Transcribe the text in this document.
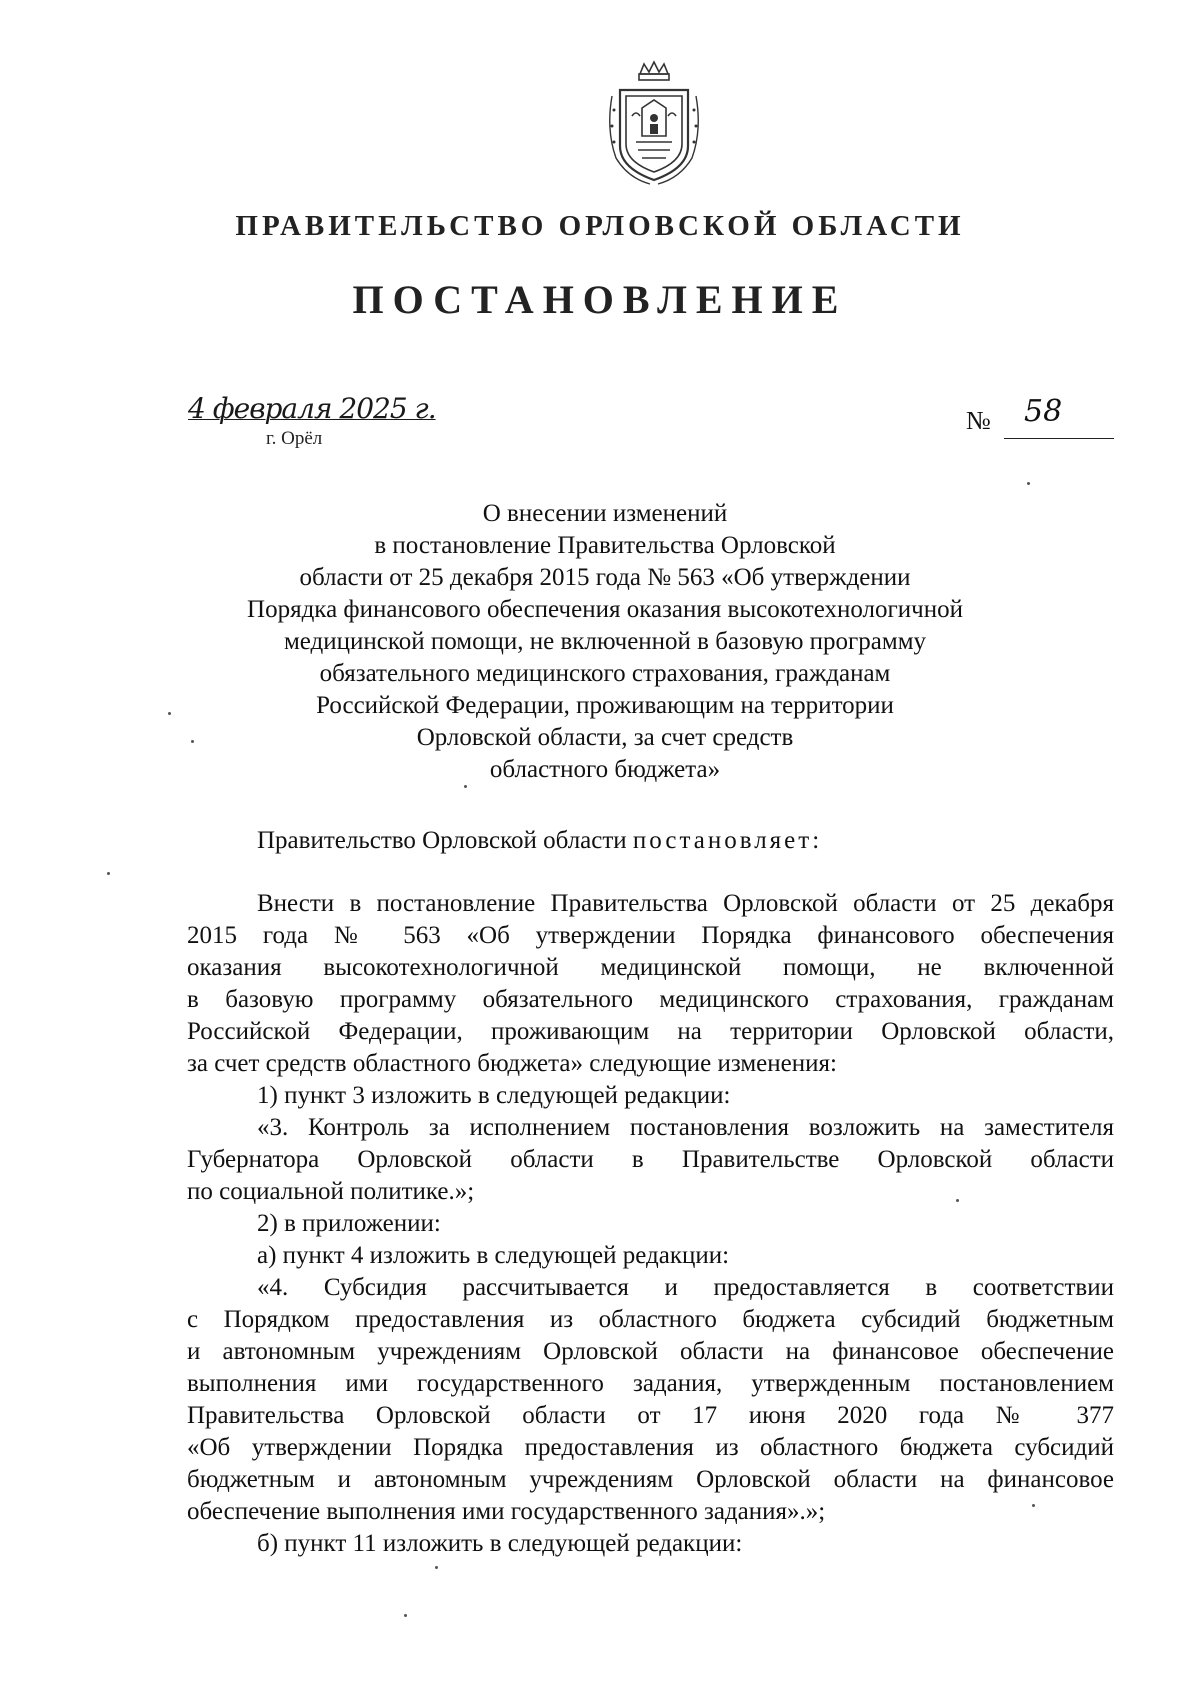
ПРАВИТЕЛЬСТВО ОРЛОВСКОЙ ОБЛАСТИ
ПОСТАНОВЛЕНИЕ
4 февраля 2025 г.
г. Орёл
№ 58
О внесении изменений
в постановление Правительства Орловской
области от 25 декабря 2015 года № 563 «Об утверждении
Порядка финансового обеспечения оказания высокотехнологичной
медицинской помощи, не включенной в базовую программу
обязательного медицинского страхования, гражданам
Российской Федерации, проживающим на территории
Орловской области, за счет средств
областного бюджета»
Правительство Орловской области постановляет:
Внести в постановление Правительства Орловской области от 25 декабря
2015 года № 563 «Об утверждении Порядка финансового обеспечения
оказания высокотехнологичной медицинской помощи, не включенной
в базовую программу обязательного медицинского страхования, гражданам
Российской Федерации, проживающим на территории Орловской области,
за счет средств областного бюджета» следующие изменения:
1) пункт 3 изложить в следующей редакции:
«3. Контроль за исполнением постановления возложить на заместителя
Губернатора Орловской области в Правительстве Орловской области
по социальной политике.»;
2) в приложении:
а) пункт 4 изложить в следующей редакции:
«4. Субсидия рассчитывается и предоставляется в соответствии
с Порядком предоставления из областного бюджета субсидий бюджетным
и автономным учреждениям Орловской области на финансовое обеспечение
выполнения ими государственного задания, утвержденным постановлением
Правительства Орловской области от 17 июня 2020 года № 377
«Об утверждении Порядка предоставления из областного бюджета субсидий
бюджетным и автономным учреждениям Орловской области на финансовое
обеспечение выполнения ими государственного задания».»;
б) пункт 11 изложить в следующей редакции:
